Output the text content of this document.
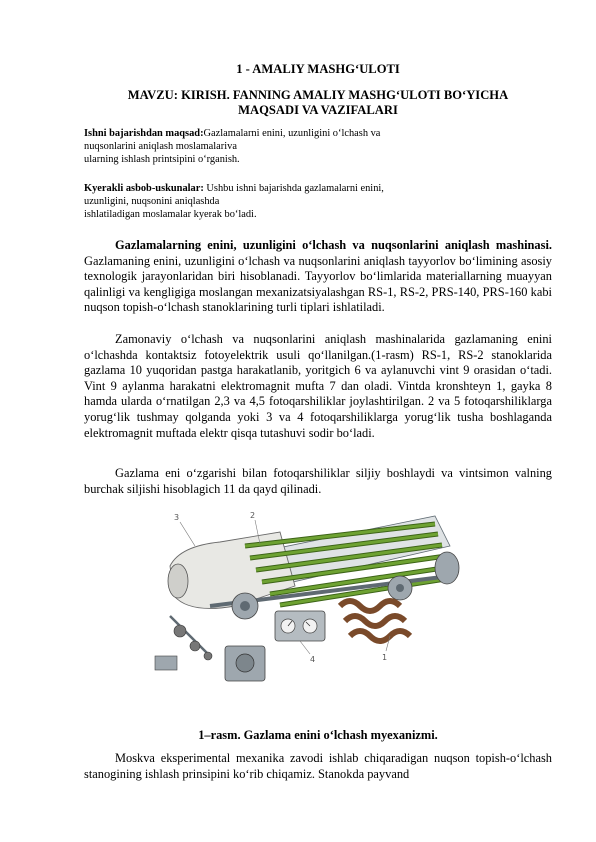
1 - AMALIY MASHG‘ULOTI
MAVZU: KIRISH. FANNING AMALIY MASHG‘ULOTI BO‘YICHA
MAQSADI VA VAZIFALARI
Ishni bajarishdan maqsad:Gazlamalarni enini, uzunligini o‘lchash va
nuqsonlarini aniqlash moslamalariva
ularning ishlash printsipini o‘rganish.
Kyerakli asbob-uskunalar: Ushbu ishni bajarishda gazlamalarni enini,
uzunligini, nuqsonini aniqlashda
ishlatiladigan moslamalar kyerak bo‘ladi.

Gazlamalarning enini, uzunligini o‘lchash va nuqsonlarini aniqlash mashinasi. Gazlamaning enini, uzunligini o‘lchash va nuqsonlarini aniqlash tayyorlov bo‘limining asosiy texnologik jarayonlaridan biri hisoblanadi. Tayyorlov bo‘limlarida materiallarning muayyan qalinligi va kengligiga moslangan mexanizatsiyalashgan RS-1, RS-2, PRS-140, PRS-160 kabi nuqson topish-o‘lchash stanoklarining turli tiplari ishlatiladi.

Zamonaviy o‘lchash va nuqsonlarini aniqlash mashinalarida gazlamaning enini o‘lchashda kontaktsiz fotoyelektrik usuli qo‘llanilgan.(1-rasm) RS-1, RS-2 stanoklarida gazlama 10 yuqoridan pastga harakatlanib, yoritgich 6 va aylanuvchi vint 9 orasidan o‘tadi. Vint 9 aylanma harakatni elektromagnit mufta 7 dan oladi. Vintda kronshteyn 1, gayka 8 hamda ularda o‘rnatilgan 2,3 va 4,5 fotoqarshiliklar joylashtirilgan. 2 va 5 fotoqarshiliklarga yorug‘lik tushmay qolganda yoki 3 va 4 fotoqarshiliklarga yorug‘lik tusha boshlaganda elektromagnit muftada elektr qisqa tutashuvi sodir bo‘ladi.

Gazlama eni o‘zgarishi bilan fotoqarshiliklar siljiy boshlaydi va vintsimon valning burchak siljishi hisoblagich 11 da qayd qilinadi.

3	2
4	1
1–rasm. Gazlama enini o‘lchash myexanizmi.

Moskva eksperimental mexanika zavodi ishlab chiqaradigan nuqson topish-o‘lchash stanogining ishlash prinsipini ko‘rib chiqamiz. Stanokda payvand
